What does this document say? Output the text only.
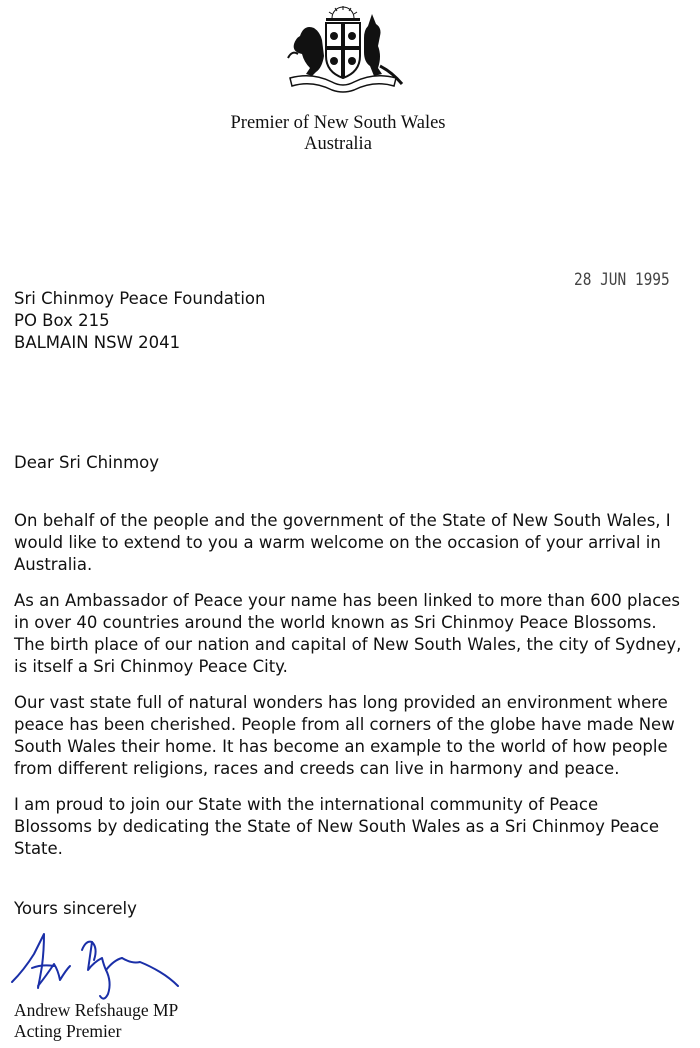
Premier of New South Wales
Australia
28 JUN 1995
Sri Chinmoy Peace Foundation
PO Box 215
BALMAIN NSW 2041
Dear Sri Chinmoy
On behalf of the people and the government of the State of New South Wales, I
would like to extend to you a warm welcome on the occasion of your arrival in
Australia.
As an Ambassador of Peace your name has been linked to more than 600 places
in over 40 countries around the world known as Sri Chinmoy Peace Blossoms.
The birth place of our nation and capital of New South Wales, the city of Sydney,
is itself a Sri Chinmoy Peace City.
Our vast state full of natural wonders has long provided an environment where
peace has been cherished. People from all corners of the globe have made New
South Wales their home. It has become an example to the world of how people
from different religions, races and creeds can live in harmony and peace.
I am proud to join our State with the international community of Peace
Blossoms by dedicating the State of New South Wales as a Sri Chinmoy Peace
State.
Yours sincerely
Andrew Refshauge MP
Acting Premier
